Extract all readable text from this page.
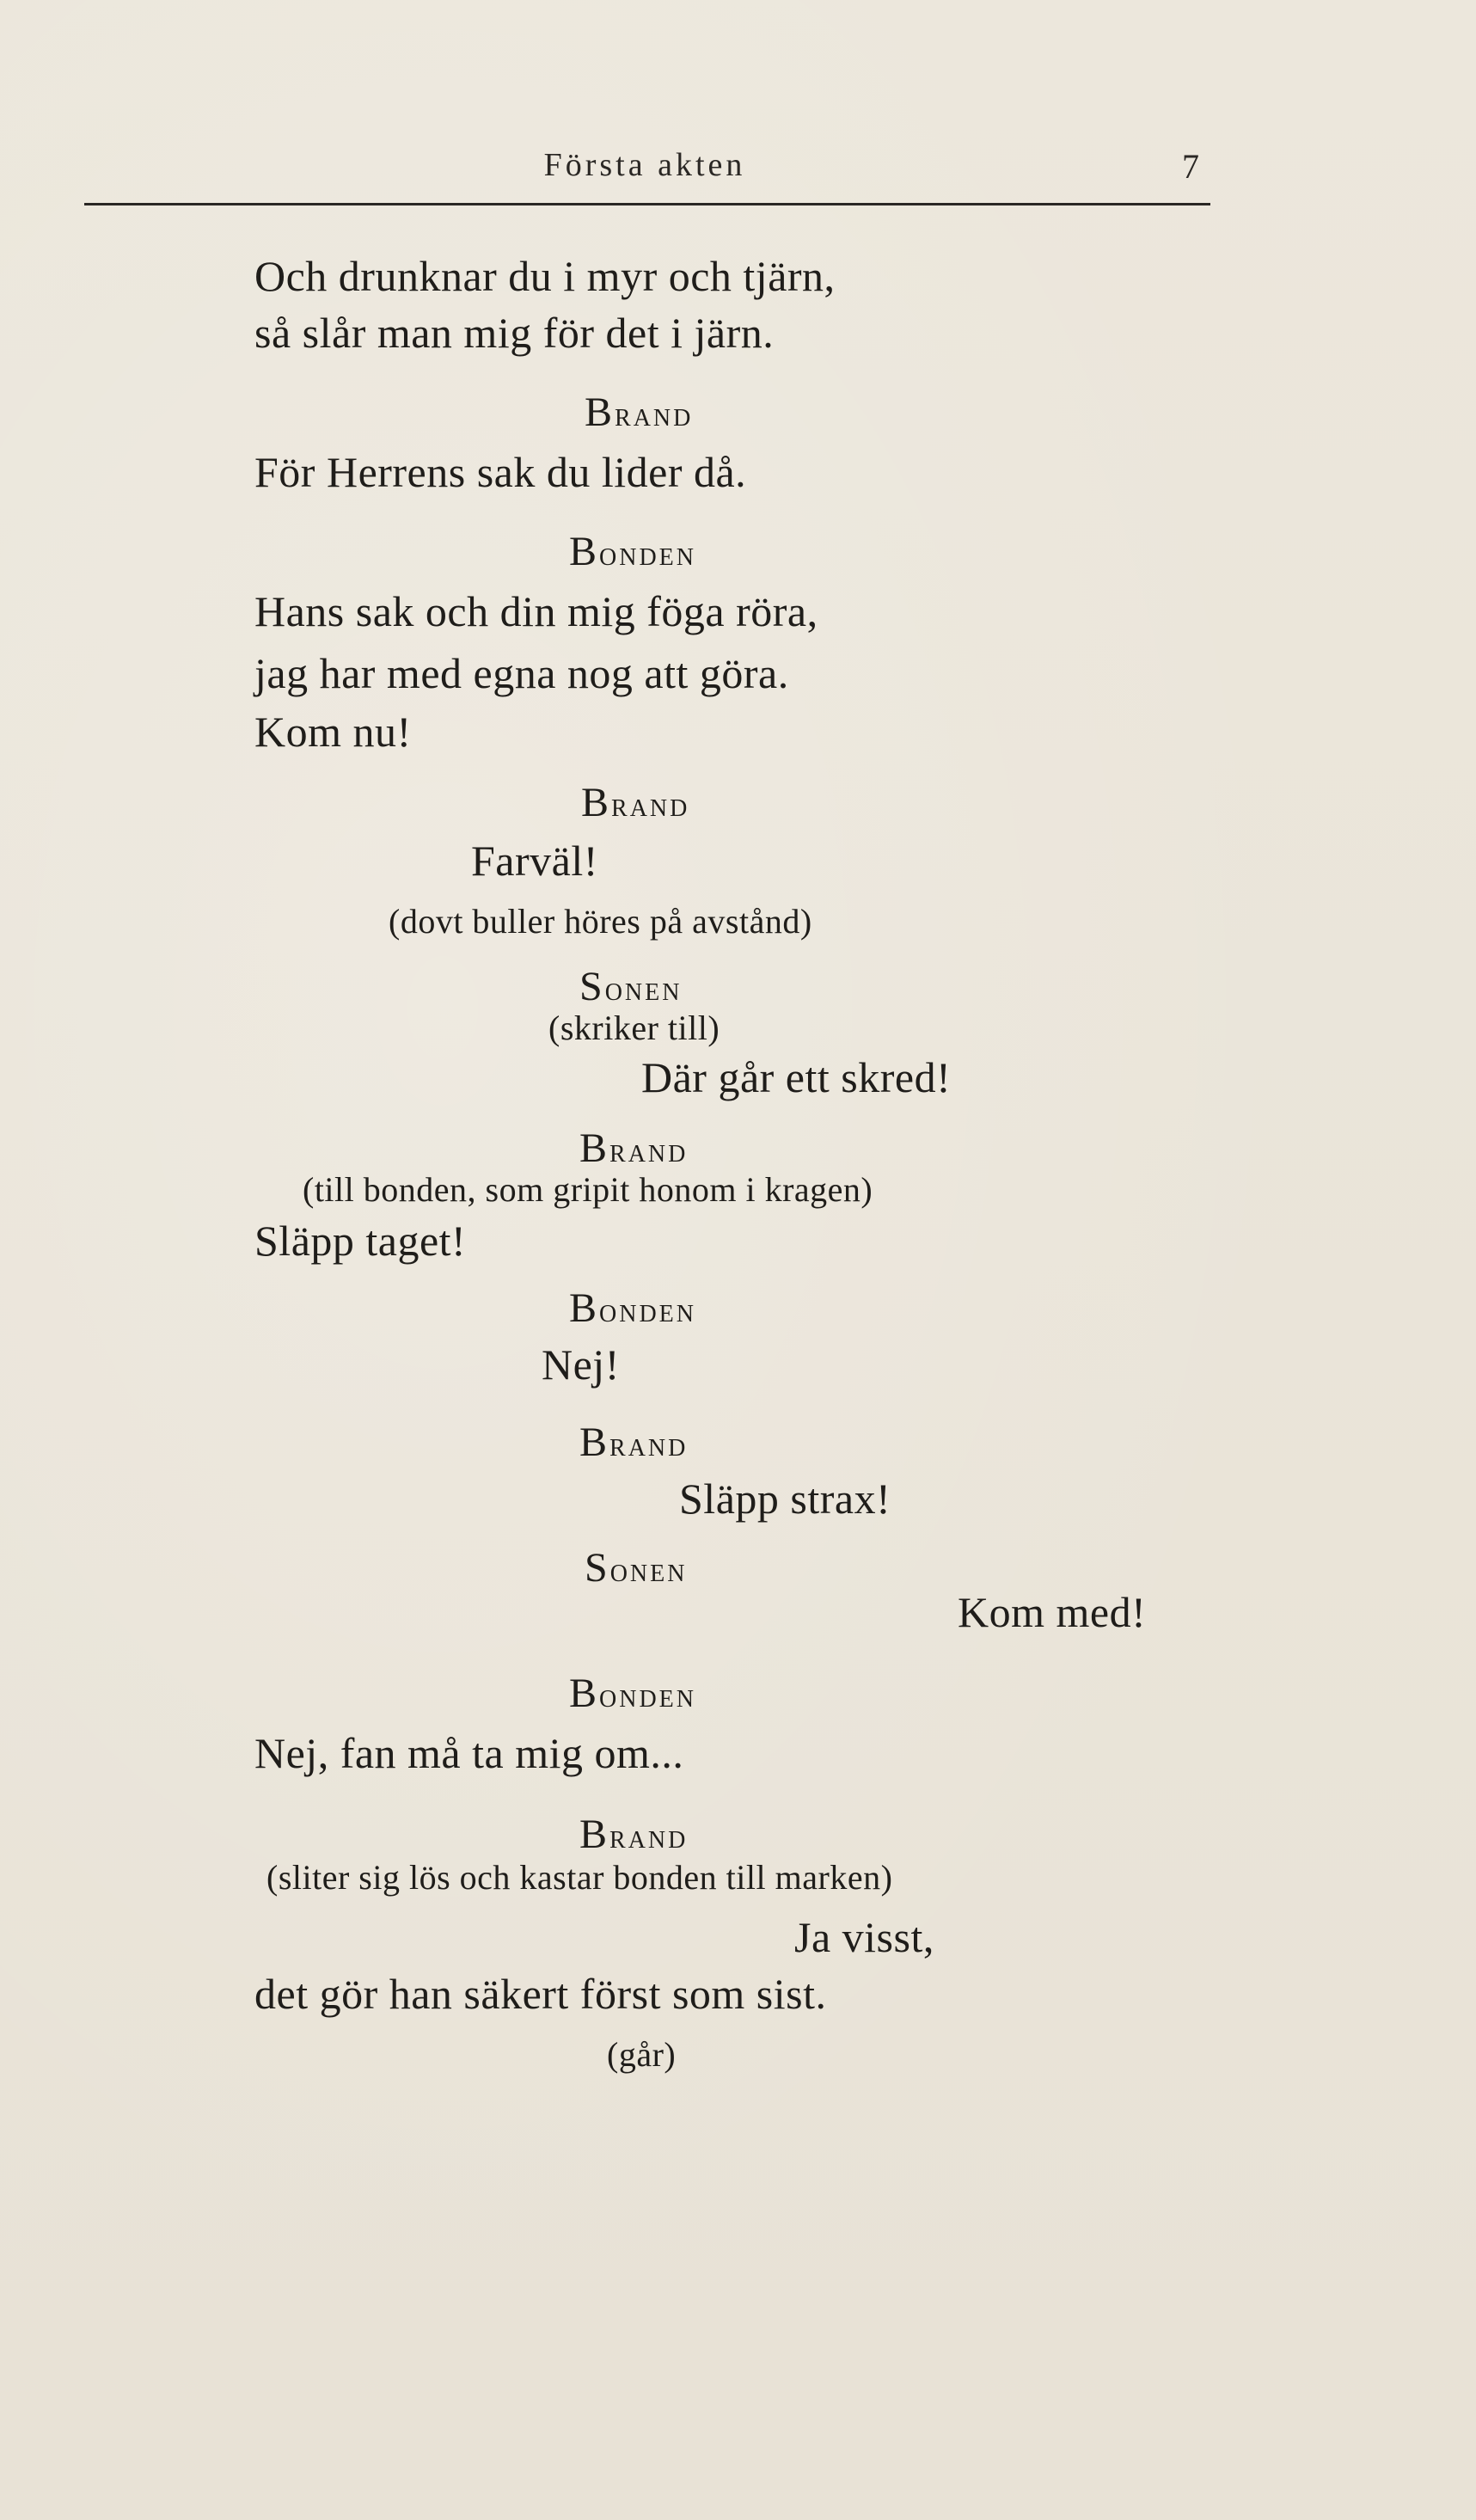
Första akten	7
Och drunknar du i myr och tjärn,
så slår man mig för det i järn.
Brand
För Herrens sak du lider då.
Bonden
Hans sak och din mig föga röra,
jag har med egna nog att göra.
Kom nu!
Brand
Farväl!
(dovt buller höres på avstånd)
Sonen
(skriker till)
Där går ett skred!
Brand
(till bonden, som gripit honom i kragen)
Släpp taget!
Bonden
Nej!
Brand
Släpp strax!
Sonen
Kom med!
Bonden
Nej, fan må ta mig om...
Brand
(sliter sig lös och kastar bonden till marken)
Ja visst,
det gör han säkert först som sist.
(går)
